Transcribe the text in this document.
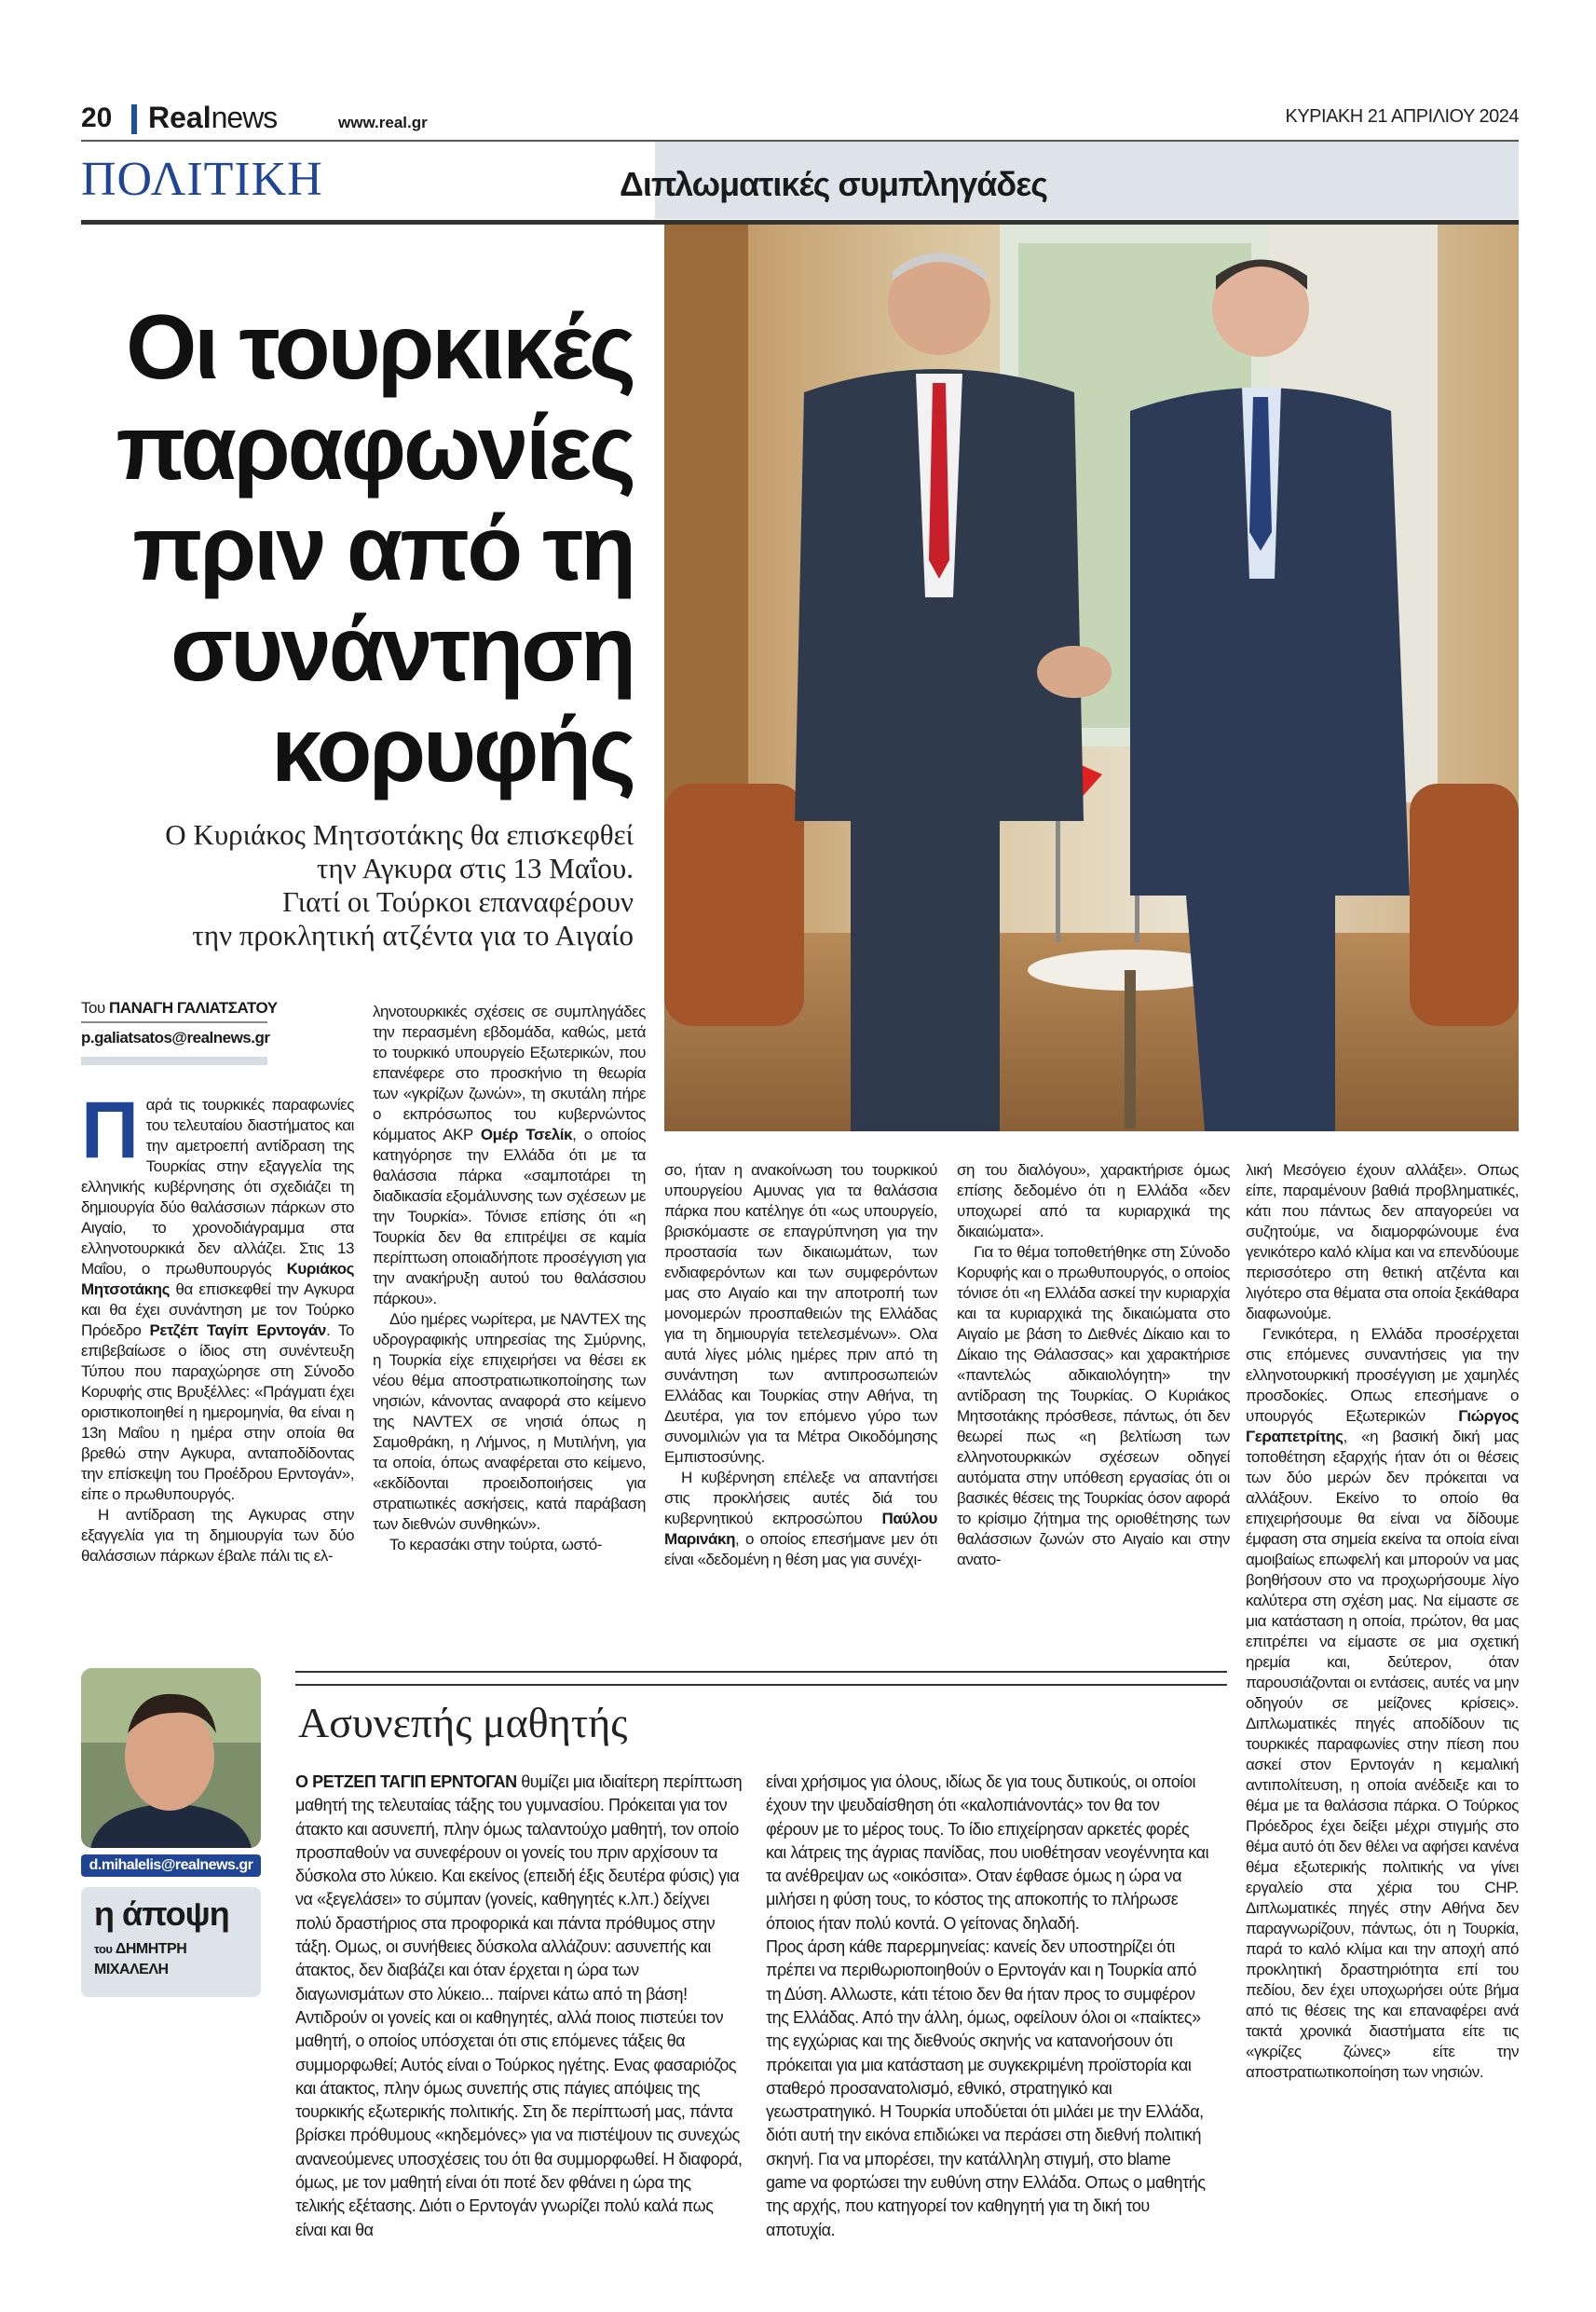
20 Realnews	www.real.gr	ΚΥΡΙΑΚΗ 21 ΑΠΡΙΛΙΟΥ 2024
ΠΟΛΙΤΙΚΗ	Διπλωματικές συμπληγάδες
Οι τουρκικές
παραφωνίες
πριν από τη
συνάντηση
κορυφής
Ο Κυριάκος Μητσοτάκης θα επισκεφθεί
την Αγκυρα στις 13 Μαΐου.
Γιατί οι Τούρκοι επαναφέρουν
την προκλητική ατζέντα για το Αιγαίο
Του ΠΑΝΑΓΗ ΓΑΛΙΑΤΣΑΤΟΥ
p.galiatsatos@realnews.gr

Παρά τις τουρκικές παραφωνίες του τελευταίου διαστήματος και την αμετροεπή αντίδραση της Τουρκίας στην εξαγγελία της ελληνικής κυβέρνησης ότι σχεδιάζει τη δημιουργία δύο θαλάσσιων πάρκων στο Αιγαίο, το χρονοδιάγραμμα στα ελληνοτουρκικά δεν αλλάζει. Στις 13 Μαΐου, ο πρωθυπουργός Κυριάκος Μητσοτάκης θα επισκεφθεί την Αγκυρα και θα έχει συνάντηση με τον Τούρκο Πρόεδρο Ρετζέπ Ταγίπ Ερντογάν. Το επιβεβαίωσε ο ίδιος στη συνέντευξη Τύπου που παραχώρησε στη Σύνοδο Κορυφής στις Βρυξέλλες: «Πράγματι έχει οριστικοποιηθεί η ημερομηνία, θα είναι η 13η Μαΐου η ημέρα στην οποία θα βρεθώ στην Αγκυρα, ανταποδίδοντας την επίσκεψη του Προέδρου Ερντογάν», είπε ο πρωθυπουργός.

Η αντίδραση της Αγκυρας στην εξαγγελία για τη δημιουργία των δύο θαλάσσιων πάρκων έβαλε πάλι τις ελ-

ληνοτουρκικές σχέσεις σε συμπληγάδες την περασμένη εβδομάδα, καθώς, μετά το τουρκικό υπουργείο Εξωτερικών, που επανέφερε στο προσκήνιο τη θεωρία των «γκρίζων ζωνών», τη σκυτάλη πήρε ο εκπρόσωπος του κυβερνώντος κόμματος ΑΚΡ Ομέρ Τσελίκ, ο οποίος κατηγόρησε την Ελλάδα ότι με τα θαλάσσια πάρκα «σαμποτάρει τη διαδικασία εξομάλυνσης των σχέσεων με την Τουρκία». Τόνισε επίσης ότι «η Τουρκία δεν θα επιτρέψει σε καμία περίπτωση οποιαδήποτε προσέγγιση για την ανακήρυξη αυτού του θαλάσσιου πάρκου».

Δύο ημέρες νωρίτερα, με NAVTEX της υδρογραφικής υπηρεσίας της Σμύρνης, η Τουρκία είχε επιχειρήσει να θέσει εκ νέου θέμα αποστρατιωτικοποίησης των νησιών, κάνοντας αναφορά στο κείμενο της NAVTEX σε νησιά όπως η Σαμοθράκη, η Λήμνος, η Μυτιλήνη, για τα οποία, όπως αναφέρεται στο κείμενο, «εκδίδονται προειδοποιήσεις για στρατιωτικές ασκήσεις, κατά παράβαση των διεθνών συνθηκών».

Το κερασάκι στην τούρτα, ωστό-

σο, ήταν η ανακοίνωση του τουρκικού υπουργείου Αμυνας για τα θαλάσσια πάρκα που κατέληγε ότι «ως υπουργείο, βρισκόμαστε σε επαγρύπνηση για την προστασία των δικαιωμάτων, των ενδιαφερόντων και των συμφερόντων μας στο Αιγαίο και την αποτροπή των μονομερών προσπαθειών της Ελλάδας για τη δημιουργία τετελεσμένων». Ολα αυτά λίγες μόλις ημέρες πριν από τη συνάντηση των αντιπροσωπειών Ελλάδας και Τουρκίας στην Αθήνα, τη Δευτέρα, για τον επόμενο γύρο των συνομιλιών για τα Μέτρα Οικοδόμησης Εμπιστοσύνης.

Η κυβέρνηση επέλεξε να απαντήσει στις προκλήσεις αυτές διά του κυβερνητικού εκπροσώπου Παύλου Μαρινάκη, ο οποίος επεσήμανε μεν ότι είναι «δεδομένη η θέση μας για συνέχι-

ση του διαλόγου», χαρακτήρισε όμως επίσης δεδομένο ότι η Ελλάδα «δεν υποχωρεί από τα κυριαρχικά της δικαιώματα».

Για το θέμα τοποθετήθηκε στη Σύνοδο Κορυφής και ο πρωθυπουργός, ο οποίος τόνισε ότι «η Ελλάδα ασκεί την κυριαρχία και τα κυριαρχικά της δικαιώματα στο Αιγαίο με βάση το Διεθνές Δίκαιο και το Δίκαιο της Θάλασσας» και χαρακτήρισε «παντελώς αδικαιολόγητη» την αντίδραση της Τουρκίας. Ο Κυριάκος Μητσοτάκης πρόσθεσε, πάντως, ότι δεν θεωρεί πως «η βελτίωση των ελληνοτουρκικών σχέσεων οδηγεί αυτόματα στην υπόθεση εργασίας ότι οι βασικές θέσεις της Τουρκίας όσον αφορά το κρίσιμο ζήτημα της οριοθέτησης των θαλάσσιων ζωνών στο Αιγαίο και στην ανατο-

λική Μεσόγειο έχουν αλλάξει». Οπως είπε, παραμένουν βαθιά προβληματικές, κάτι που πάντως δεν απαγορεύει να συζητούμε, να διαμορφώνουμε ένα γενικότερο καλό κλίμα και να επενδύουμε περισσότερο στη θετική ατζέντα και λιγότερο στα θέματα στα οποία ξεκάθαρα διαφωνούμε.

Γενικότερα, η Ελλάδα προσέρχεται στις επόμενες συναντήσεις για την ελληνοτουρκική προσέγγιση με χαμηλές προσδοκίες. Οπως επεσήμανε ο υπουργός Εξωτερικών Γιώργος Γεραπετρίτης, «η βασική δική μας τοποθέτηση εξαρχής ήταν ότι οι θέσεις των δύο μερών δεν πρόκειται να αλλάξουν. Εκείνο το οποίο θα επιχειρήσουμε θα είναι να δίδουμε έμφαση στα σημεία εκείνα τα οποία είναι αμοιβαίως επωφελή και μπορούν να μας βοηθήσουν στο να προχωρήσουμε λίγο καλύτερα στη σχέση μας. Να είμαστε σε μια κατάσταση η οποία, πρώτον, θα μας επιτρέπει να είμαστε σε μια σχετική ηρεμία και, δεύτερον, όταν παρουσιάζονται οι εντάσεις, αυτές να μην οδηγούν σε μείζονες κρίσεις». Διπλωματικές πηγές αποδίδουν τις τουρκικές παραφωνίες στην πίεση που ασκεί στον Ερντογάν η κεμαλική αντιπολίτευση, η οποία ανέδειξε και το θέμα με τα θαλάσσια πάρκα. Ο Τούρκος Πρόεδρος έχει δείξει μέχρι στιγμής στο θέμα αυτό ότι δεν θέλει να αφήσει κανένα θέμα εξωτερικής πολιτικής να γίνει εργαλείο στα χέρια του CHP. Διπλωματικές πηγές στην Αθήνα δεν παραγνωρίζουν, πάντως, ότι η Τουρκία, παρά το καλό κλίμα και την αποχή από προκλητική δραστηριότητα επί του πεδίου, δεν έχει υποχωρήσει ούτε βήμα από τις θέσεις της και επαναφέρει ανά τακτά χρονικά διαστήματα είτε τις «γκρίζες ζώνες» είτε την αποστρατιωτικοποίηση των νησιών.

d.mihalelis@realnews.gr
η άποψη
του ΔΗΜΗΤΡΗ
ΜΙΧΑΛΕΛΗ
Ασυνεπής μαθητής

Ο ΡΕΤΖΕΠ ΤΑΓΙΠ ΕΡΝΤΟΓΑΝ θυμίζει μια ιδιαίτερη περίπτωση μαθητή της τελευταίας τάξης του γυμνασίου. Πρόκειται για τον άτακτο και ασυνεπή, πλην όμως ταλαντούχο μαθητή, τον οποίο προσπαθούν να συνεφέρουν οι γονείς του πριν αρχίσουν τα δύσκολα στο λύκειο. Και εκείνος (επειδή έξις δευτέρα φύσις) για να «ξεγελάσει» το σύμπαν (γονείς, καθηγητές κ.λπ.) δείχνει πολύ δραστήριος στα προφορικά και πάντα πρόθυμος στην τάξη. Ομως, οι συνήθειες δύσκολα αλλάζουν: ασυνεπής και άτακτος, δεν διαβάζει και όταν έρχεται η ώρα των διαγωνισμάτων στο λύκειο... παίρνει κάτω από τη βάση! Αντιδρούν οι γονείς και οι καθηγητές, αλλά ποιος πιστεύει τον μαθητή, ο οποίος υπόσχεται ότι στις επόμενες τάξεις θα συμμορφωθεί; Αυτός είναι ο Τούρκος ηγέτης. Ενας φασαριόζος και άτακτος, πλην όμως συνεπής στις πάγιες απόψεις της τουρκικής εξωτερικής πολιτικής. Στη δε περίπτωσή μας, πάντα βρίσκει πρόθυμους «κηδεμόνες» για να πιστέψουν τις συνεχώς ανανεούμενες υποσχέσεις του ότι θα συμμορφωθεί. Η διαφορά, όμως, με τον μαθητή είναι ότι ποτέ δεν φθάνει η ώρα της τελικής εξέτασης. Διότι ο Ερντογάν γνωρίζει πολύ καλά πως είναι και θα

είναι χρήσιμος για όλους, ιδίως δε για τους δυτικούς, οι οποίοι έχουν την ψευδαίσθηση ότι «καλοπιάνοντάς» τον θα τον φέρουν με το μέρος τους. Το ίδιο επιχείρησαν αρκετές φορές και λάτρεις της άγριας πανίδας, που υιοθέτησαν νεογέννητα και τα ανέθρεψαν ως «οικόσιτα». Οταν έφθασε όμως η ώρα να μιλήσει η φύση τους, το κόστος της αποκοπής το πλήρωσε όποιος ήταν πολύ κοντά. Ο γείτονας δηλαδή.

Προς άρση κάθε παρερμηνείας: κανείς δεν υποστηρίζει ότι πρέπει να περιθωριοποιηθούν ο Ερντογάν και η Τουρκία από τη Δύση. Αλλωστε, κάτι τέτοιο δεν θα ήταν προς το συμφέρον της Ελλάδας. Από την άλλη, όμως, οφείλουν όλοι οι «παίκτες» της εγχώριας και της διεθνούς σκηνής να κατανοήσουν ότι πρόκειται για μια κατάσταση με συγκεκριμένη προϊστορία και σταθερό προσανατολισμό, εθνικό, στρατηγικό και γεωστρατηγικό. Η Τουρκία υποδύεται ότι μιλάει με την Ελλάδα, διότι αυτή την εικόνα επιδιώκει να περάσει στη διεθνή πολιτική σκηνή. Για να μπορέσει, την κατάλληλη στιγμή, στο blame game να φορτώσει την ευθύνη στην Ελλάδα. Οπως ο μαθητής της αρχής, που κατηγορεί τον καθηγητή για τη δική του αποτυχία.
